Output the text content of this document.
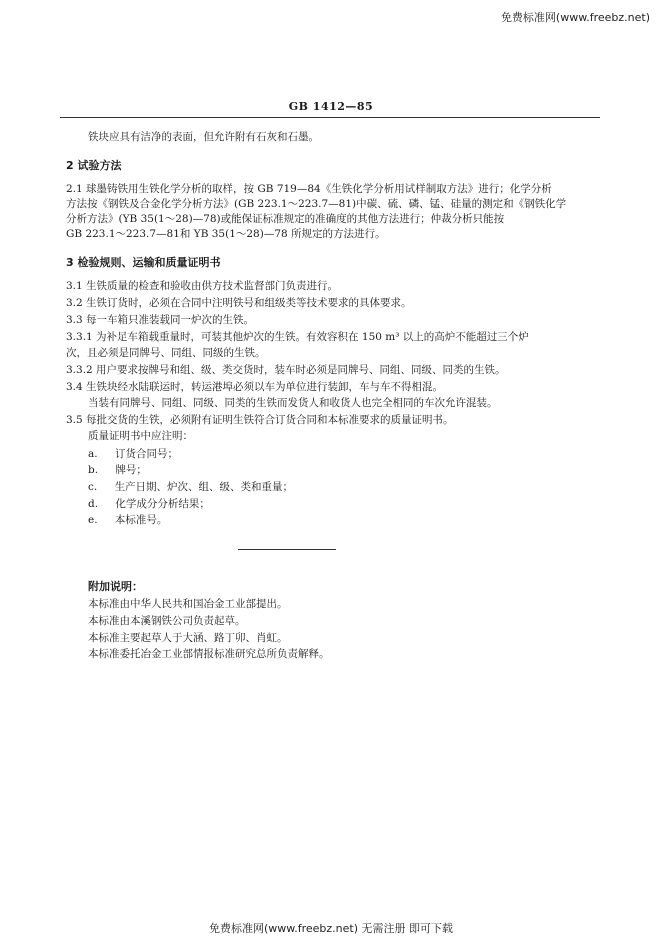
免费标准网(www.freebz.net)
GB 1412—85
铁块应具有洁净的表面，但允许附有石灰和石墨。
2 试验方法
2.1 球墨铸铁用生铁化学分析的取样，按 GB 719—84《生铁化学分析用试样制取方法》进行；化学分析
方法按《钢铁及合金化学分析方法》(GB 223.1～223.7—81)中碳、硫、磷、锰、硅量的测定和《钢铁化学
分析方法》(YB 35(1～28)—78)或能保证标准规定的准确度的其他方法进行；仲裁分析只能按
GB 223.1～223.7—81和 YB 35(1～28)—78 所规定的方法进行。
3 检验规则、运输和质量证明书
3.1 生铁质量的检查和验收由供方技术监督部门负责进行。
3.2 生铁订货时，必须在合同中注明铁号和组级类等技术要求的具体要求。
3.3 每一车箱只准装载同一炉次的生铁。
3.3.1 为补足车箱载重量时，可装其他炉次的生铁。有效容积在 150 m³ 以上的高炉不能超过三个炉
次，且必须是同牌号、同组、同级的生铁。
3.3.2 用户要求按牌号和组、级、类交货时，装车时必须是同牌号、同组、同级、同类的生铁。
3.4 生铁块经水陆联运时，转运港埠必须以车为单位进行装卸，车与车不得相混。
当装有同牌号、同组、同级、同类的生铁而发货人和收货人也完全相同的车次允许混装。
3.5 每批交货的生铁，必须附有证明生铁符合订货合同和本标准要求的质量证明书。
质量证明书中应注明：
a. 订货合同号；
b. 牌号；
c. 生产日期、炉次、组、级、类和重量；
d. 化学成分分析结果；
e. 本标准号。
附加说明：
本标准由中华人民共和国冶金工业部提出。
本标准由本溪钢铁公司负责起草。
本标准主要起草人于大涵、路丁卯、肖虹。
本标准委托冶金工业部情报标准研究总所负责解释。
免费标准网(www.freebz.net) 无需注册 即可下载
